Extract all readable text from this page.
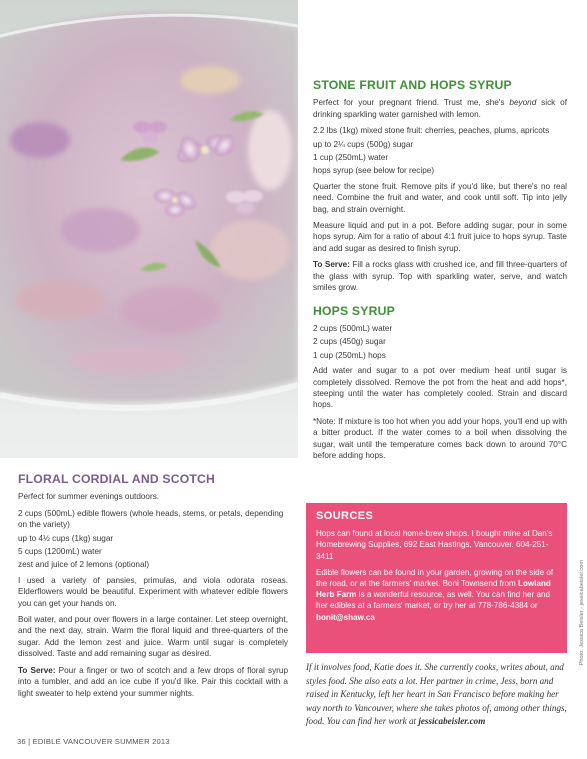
STONE FRUIT AND HOPS SYRUP

Perfect for your pregnant friend. Trust me, she's beyond sick of drinking sparkling water garnished with lemon.

2.2 lbs (1kg) mixed stone fruit: cherries, peaches, plums, apricots

up to 2¼ cups (500g) sugar

1 cup (250mL) water

hops syrup (see below for recipe)

Quarter the stone fruit. Remove pits if you'd like, but there's no real need. Combine the fruit and water, and cook until soft. Tip into jelly bag, and strain overnight.

Measure liquid and put in a pot. Before adding sugar, pour in some hops syrup. Aim for a ratio of about 4:1 fruit juice to hops syrup. Taste and add sugar as desired to finish syrup.

To Serve: Fill a rocks glass with crushed ice, and fill three-quarters of the glass with syrup. Top with sparkling water, serve, and watch smiles grow.

HOPS SYRUP

2 cups (500mL) water

2 cups (450g) sugar

1 cup (250mL) hops

Add water and sugar to a pot over medium heat until sugar is completely dissolved. Remove the pot from the heat and add hops*, steeping until the water has completely cooled. Strain and discard hops.

*Note: If mixture is too hot when you add your hops, you'll end up with a bitter product. If the water comes to a boil when dissolving the sugar, wait until the temperature comes back down to around 70°C before adding hops.

FLORAL CORDIAL AND SCOTCH

Perfect for summer evenings outdoors.

2 cups (500mL) edible flowers (whole heads, stems, or petals, depending on the variety)

up to 4½ cups (1kg) sugar

5 cups (1200mL) water

zest and juice of 2 lemons (optional)

I used a variety of pansies, primulas, and viola odorata roseas. Elderflowers would be beautiful. Experiment with whatever edible flowers you can get your hands on.

Boil water, and pour over flowers in a large container. Let steep overnight, and the next day, strain. Warm the floral liquid and three-quarters of the sugar. Add the lemon zest and juice. Warm until sugar is completely dissolved. Taste and add remaining sugar as desired.

To Serve: Pour a finger or two of scotch and a few drops of floral syrup into a tumbler, and add an ice cube if you'd like. Pair this cocktail with a light sweater to help extend your summer nights.

SOURCES

Hops can found at local home-brew shops. I bought mine at Dan's Homebrewing Supplies, 692 East Hastings, Vancouver. 604-251-3411

Edible flowers can be found in your garden, growing on the side of the road, or at the farmers' market. Boni Townsend from Lowland Herb Farm is a wonderful resource, as well. You can find her and her edibles at a farmers' market, or try her at 778-786-4384 or bonit@shaw.ca

If it involves food, Katie does it. She currently cooks, writes about, and styles food. She also eats a lot. Her partner in crime, Jess, born and raised in Kentucky, left her heart in San Francisco before making her way north to Vancouver, where she takes photos of, among other things, food. You can find her work at jessicabeisler.com
Photo: Jessica Beisler - jessicabeisler.com
36 | EDIBLE VANCOUVER SUMMER 2013
